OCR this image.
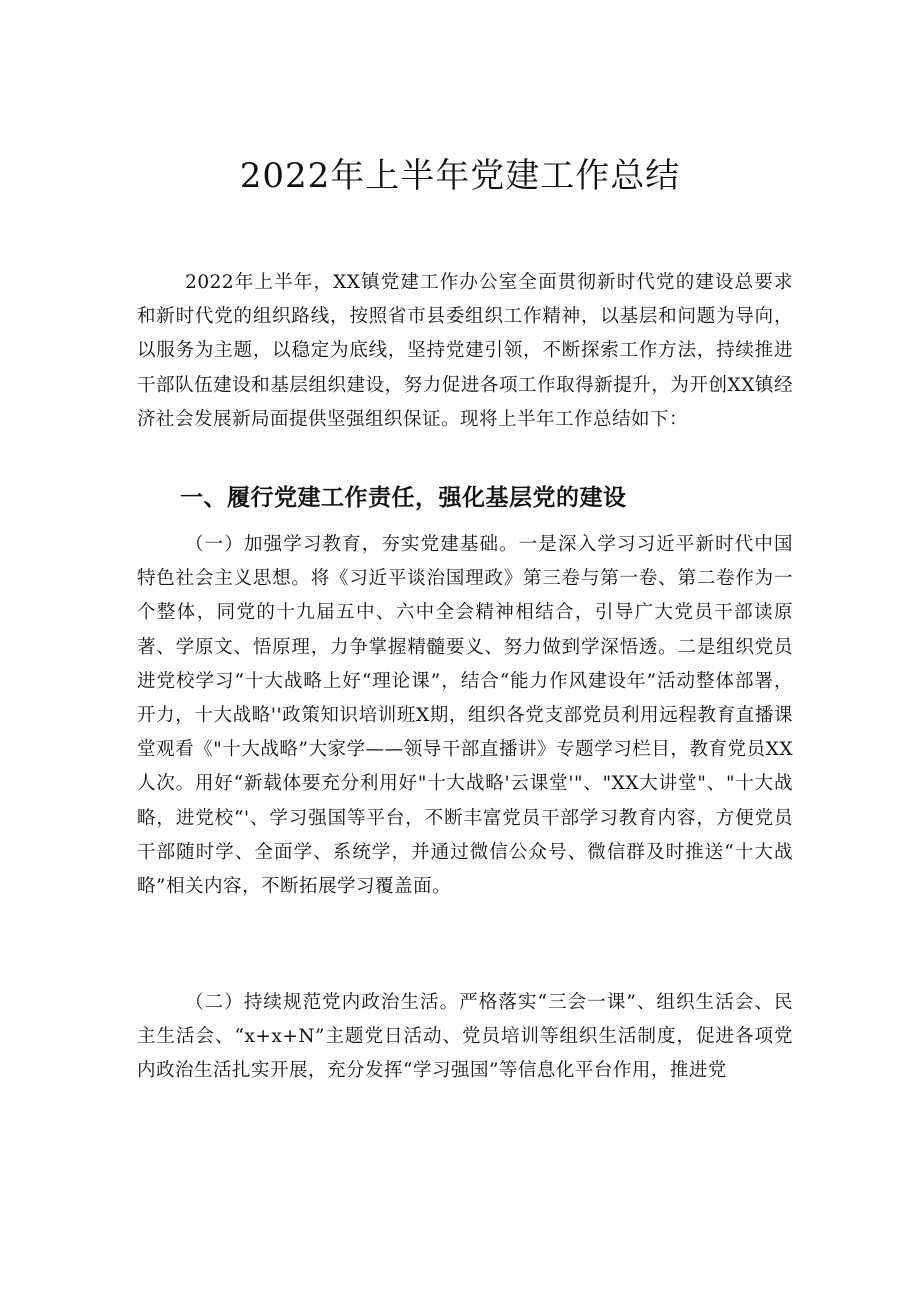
2022年上半年党建工作总结

2022年上半年，XX镇党建工作办公室全面贯彻新时代党的建设总要求和新时代党的组织路线，按照省市县委组织工作精神，以基层和问题为导向，以服务为主题，以稳定为底线，坚持党建引领，不断探索工作方法，持续推进干部队伍建设和基层组织建设，努力促进各项工作取得新提升，为开创XX镇经济社会发展新局面提供坚强组织保证。现将上半年工作总结如下：

一、履行党建工作责任，强化基层党的建设

（一）加强学习教育，夯实党建基础。一是深入学习习近平新时代中国特色社会主义思想。将《习近平谈治国理政》第三卷与第一卷、第二卷作为一个整体，同党的十九届五中、六中全会精神相结合，引导广大党员干部读原著、学原文、悟原理，力争掌握精髓要义、努力做到学深悟透。二是组织党员进党校学习“十大战略上好“理论课”，结合“能力作风建设年”活动整体部署，开力，十大战略''政策知识培训班X期，组织各党支部党员利用远程教育直播课堂观看《"十大战略”大家学——领导干部直播讲》专题学习栏目，教育党员XX人次。用好“新载体要充分利用好"十大战略'云课堂'"、"XX大讲堂"、"十大战略，进党校“'、学习强国等平台，不断丰富党员干部学习教育内容，方便党员干部随时学、全面学、系统学，并通过微信公众号、微信群及时推送“十大战略”相关内容，不断拓展学习覆盖面。

（二）持续规范党内政治生活。严格落实“三会一课”、组织生活会、民主生活会、“x+x+N”主题党日活动、党员培训等组织生活制度，促进各项党内政治生活扎实开展，充分发挥“学习强国”等信息化平台作用，推进党
